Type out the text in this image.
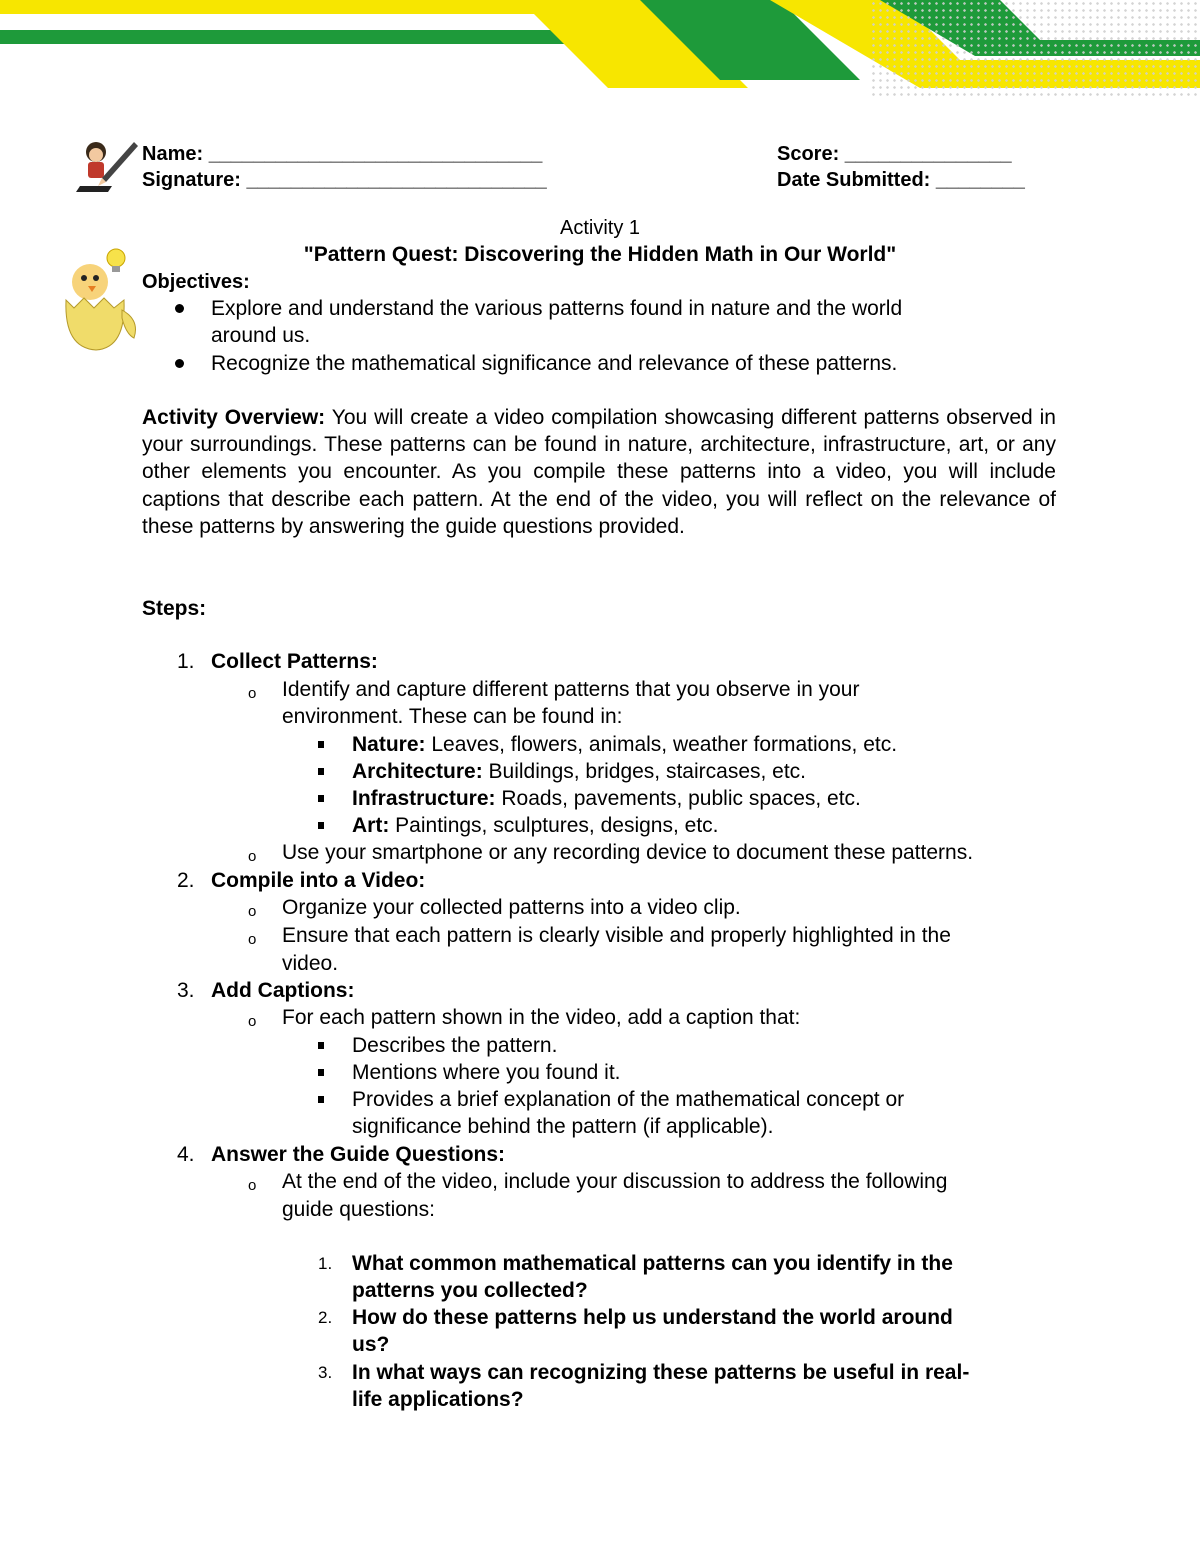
Name: ______________________________	Score: _______________
Signature: ___________________________	Date Submitted: ________
Activity 1
"Pattern Quest: Discovering the Hidden Math in Our World"
Objectives:
Explore and understand the various patterns found in nature and the world
around us.
Recognize the mathematical significance and relevance of these patterns.
Activity Overview: You will create a video compilation showcasing different patterns observed in your surroundings. These patterns can be found in nature, architecture, infrastructure, art, or any other elements you encounter. As you compile these patterns into a video, you will include captions that describe each pattern. At the end of the video, you will reflect on the relevance of these patterns by answering the guide questions provided.
Steps:
1. Collect Patterns:
o Identify and capture different patterns that you observe in your
environment. These can be found in:
Nature: Leaves, flowers, animals, weather formations, etc.
Architecture: Buildings, bridges, staircases, etc.
Infrastructure: Roads, pavements, public spaces, etc.
Art: Paintings, sculptures, designs, etc.
o Use your smartphone or any recording device to document these patterns.
2. Compile into a Video:
o Organize your collected patterns into a video clip.
o Ensure that each pattern is clearly visible and properly highlighted in the
video.
3. Add Captions:
o For each pattern shown in the video, add a caption that:
Describes the pattern.
Mentions where you found it.
Provides a brief explanation of the mathematical concept or
significance behind the pattern (if applicable).
4. Answer the Guide Questions:
o At the end of the video, include your discussion to address the following
guide questions:
1. What common mathematical patterns can you identify in the
patterns you collected?
2. How do these patterns help us understand the world around
us?
3. In what ways can recognizing these patterns be useful in real-
life applications?
